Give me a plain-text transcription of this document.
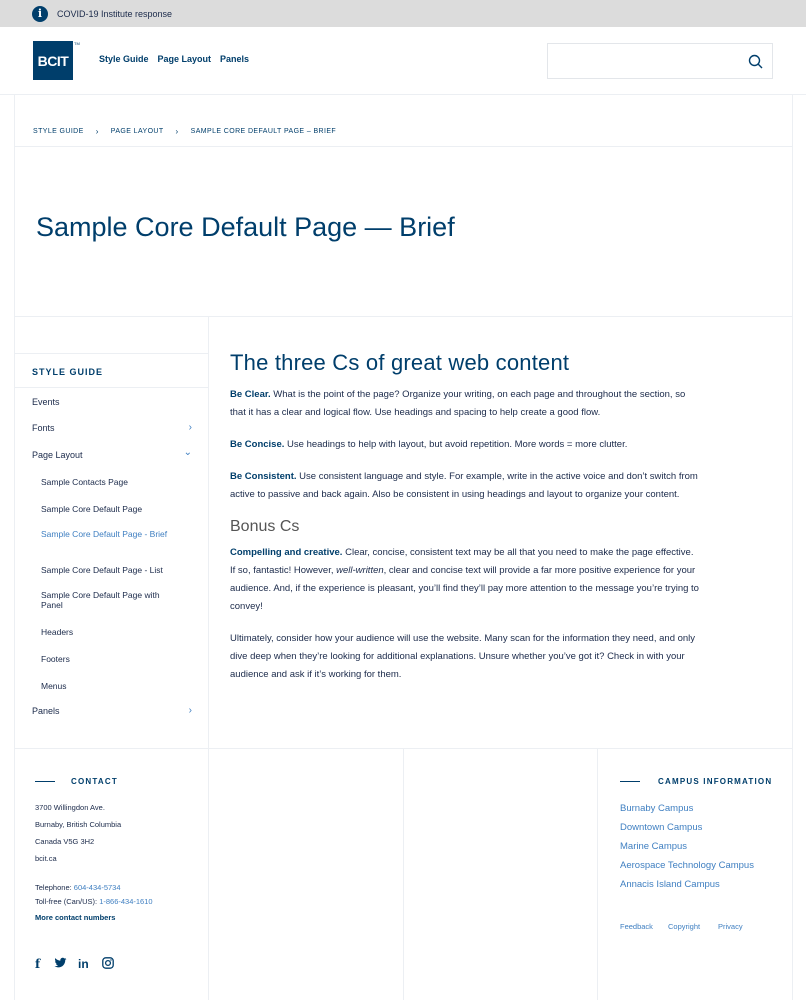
i	COVID-19 Institute response
BCIT
TM
Style Guide Page Layout Panels
STYLE GUIDE › PAGE LAYOUT › SAMPLE CORE DEFAULT PAGE – BRIEF
Sample Core Default Page — Brief
STYLE GUIDE
Events
Fonts	›
Page Layout	⌄
Sample Contacts Page
Sample Core Default Page
Sample Core Default Page - Brief
Sample Core Default Page - List
Sample Core Default Page with Panel
Headers
Footers
Menus
Panels	›
The three Cs of great web content

Be Clear. What is the point of the page? Organize your writing, on each page and throughout the section, so that it has a clear and logical flow. Use headings and spacing to help create a good flow.

Be Concise. Use headings to help with layout, but avoid repetition. More words = more clutter.

Be Consistent. Use consistent language and style. For example, write in the active voice and don’t switch from active to passive and back again. Also be consistent in using headings and layout to organize your content.

Bonus Cs

Compelling and creative. Clear, concise, consistent text may be all that you need to make the page effective. If so, fantastic! However, well-written, clear and concise text will provide a far more positive experience for your audience. And, if the experience is pleasant, you’ll find they’ll pay more attention to the message you’re trying to convey!

Ultimately, consider how your audience will use the website. Many scan for the information they need, and only dive deep when they’re looking for additional explanations. Unsure whether you’ve got it? Check in with your audience and ask if it’s working for them.

CONTACT
3700 Willingdon Ave.
Burnaby, British Columbia
Canada V5G 3H2
bcit.ca
Telephone: 604-434-5734
Toll-free (Can/US): 1-866-434-1610
More contact numbers
f	in
CAMPUS INFORMATION
Burnaby Campus
Downtown Campus
Marine Campus
Aerospace Technology Campus
Annacis Island Campus
Feedback Copyright Privacy
